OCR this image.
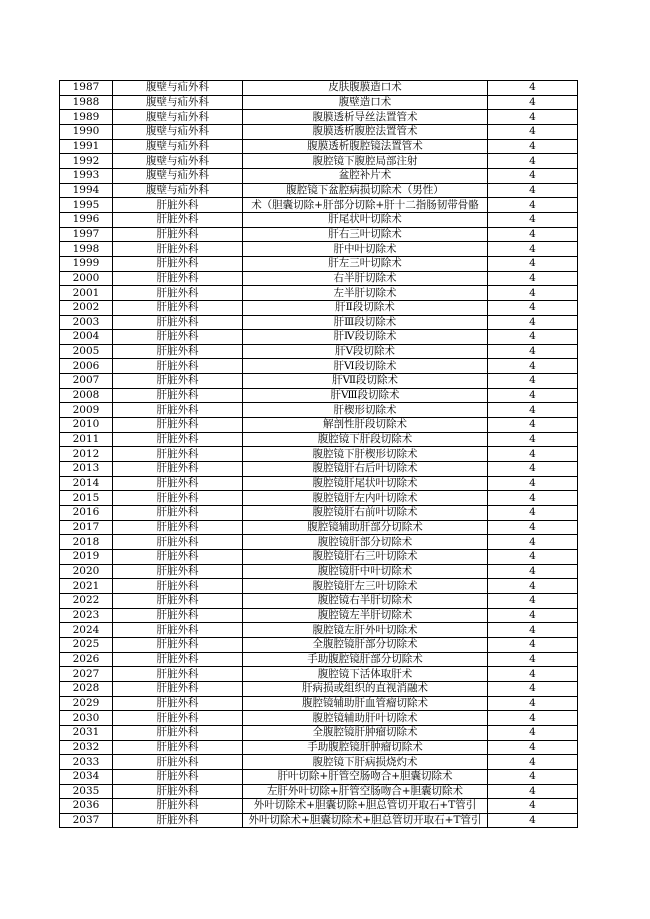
1987	腹壁与疝外科	皮肤腹膜造口术	4
1988	腹壁与疝外科	腹壁造口术	4
1989	腹壁与疝外科	腹膜透析导丝法置管术	4
1990	腹壁与疝外科	腹膜透析腹腔法置管术	4
1991	腹壁与疝外科	腹膜透析腹腔镜法置管术	4
1992	腹壁与疝外科	腹腔镜下腹腔局部注射	4
1993	腹壁与疝外科	盆腔补片术	4
1994	腹壁与疝外科	腹腔镜下盆腔病损切除术（男性）	4
1995	肝脏外科	术（胆囊切除+肝部分切除+肝十二指肠韧带骨骼	4
1996	肝脏外科	肝尾状叶切除术	4
1997	肝脏外科	肝右三叶切除术	4
1998	肝脏外科	肝中叶切除术	4
1999	肝脏外科	肝左三叶切除术	4
2000	肝脏外科	右半肝切除术	4
2001	肝脏外科	左半肝切除术	4
2002	肝脏外科	肝Ⅱ段切除术	4
2003	肝脏外科	肝Ⅲ段切除术	4
2004	肝脏外科	肝Ⅳ段切除术	4
2005	肝脏外科	肝Ⅴ段切除术	4
2006	肝脏外科	肝Ⅵ段切除术	4
2007	肝脏外科	肝Ⅶ段切除术	4
2008	肝脏外科	肝Ⅷ段切除术	4
2009	肝脏外科	肝楔形切除术	4
2010	肝脏外科	解剖性肝段切除术	4
2011	肝脏外科	腹腔镜下肝段切除术	4
2012	肝脏外科	腹腔镜下肝楔形切除术	4
2013	肝脏外科	腹腔镜肝右后叶切除术	4
2014	肝脏外科	腹腔镜肝尾状叶切除术	4
2015	肝脏外科	腹腔镜肝左内叶切除术	4
2016	肝脏外科	腹腔镜肝右前叶切除术	4
2017	肝脏外科	腹腔镜辅助肝部分切除术	4
2018	肝脏外科	腹腔镜肝部分切除术	4
2019	肝脏外科	腹腔镜肝右三叶切除术	4
2020	肝脏外科	腹腔镜肝中叶切除术	4
2021	肝脏外科	腹腔镜肝左三叶切除术	4
2022	肝脏外科	腹腔镜右半肝切除术	4
2023	肝脏外科	腹腔镜左半肝切除术	4
2024	肝脏外科	腹腔镜左肝外叶切除术	4
2025	肝脏外科	全腹腔镜肝部分切除术	4
2026	肝脏外科	手助腹腔镜肝部分切除术	4
2027	肝脏外科	腹腔镜下活体取肝术	4
2028	肝脏外科	肝病损或组织的直视消融术	4
2029	肝脏外科	腹腔镜辅助肝血管瘤切除术	4
2030	肝脏外科	腹腔镜辅助肝叶切除术	4
2031	肝脏外科	全腹腔镜肝肿瘤切除术	4
2032	肝脏外科	手助腹腔镜肝肿瘤切除术	4
2033	肝脏外科	腹腔镜下肝病损烧灼术	4
2034	肝脏外科	肝叶切除+肝管空肠吻合+胆囊切除术	4
2035	肝脏外科	左肝外叶切除+肝管空肠吻合+胆囊切除术	4
2036	肝脏外科	外叶切除术+胆囊切除+胆总管切开取石+T管引	4
2037	肝脏外科	外叶切除术+胆囊切除术+胆总管切开取石+T管引	4
